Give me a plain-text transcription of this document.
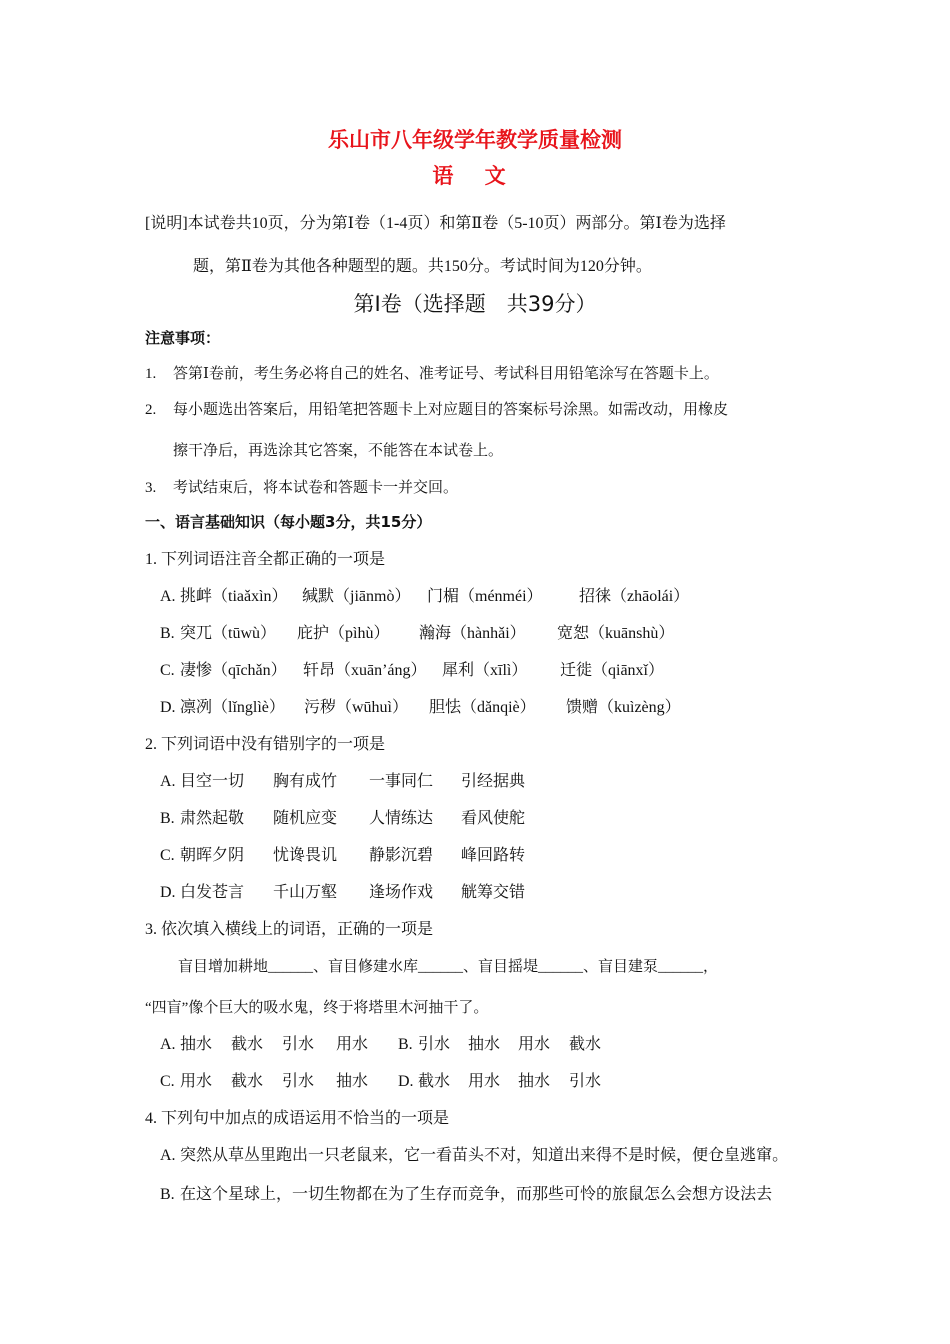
乐山市八年级学年教学质量检测
语 文
[说明]本试卷共10页，分为第Ⅰ卷（1-4页）和第Ⅱ卷（5-10页）两部分。第Ⅰ卷为选择
题，第Ⅱ卷为其他各种题型的题。共150分。考试时间为120分钟。
第Ⅰ卷（选择题　共39分）
注意事项：
1. 答第Ⅰ卷前，考生务必将自己的姓名、准考证号、考试科目用铅笔涂写在答题卡上。
2. 每小题选出答案后，用铅笔把答题卡上对应题目的答案标号涂黑。如需改动，用橡皮
擦干净后，再选涂其它答案，不能答在本试卷上。
3. 考试结束后，将本试卷和答题卡一并交回。
一、语言基础知识（每小题3分，共15分）
1. 下列词语注音全都正确的一项是
A. 挑衅（tiaǎxìn） 缄默（jiānmò） 门楣（ménméi） 招徕（zhāolái）
B. 突兀（tūwù） 庇护（pìhù） 瀚海（hànhǎi） 宽恕（kuānshù）
C. 凄惨（qīchǎn） 轩昂（xuān’áng） 犀利（xīlì） 迁徙（qiānxǐ）
D. 凛冽（lǐnglìè） 污秽（wūhuì） 胆怯（dǎnqiè） 馈赠（kuìzèng）
2. 下列词语中没有错别字的一项是
A. 目空一切 胸有成竹 一事同仁 引经据典
B. 肃然起敬 随机应变 人情练达 看风使舵
C. 朝晖夕阴 忧谗畏讥 静影沉碧 峰回路转
D. 白发苍言 千山万壑 逢场作戏 觥筹交错
3. 依次填入横线上的词语，正确的一项是
盲目增加耕地______、盲目修建水库______、盲目摇堤______、盲目建泵______，
“四盲”像个巨大的吸水鬼，终于将塔里木河抽干了。
A. 抽水 截水 引水 用水 B. 引水 抽水 用水 截水
C. 用水 截水 引水 抽水 D. 截水 用水 抽水 引水
4. 下列句中加点的成语运用不恰当的一项是
A. 突然从草丛里跑出一只老鼠来，它一看苗头不对，知道出来得不是时候，便仓皇逃窜。
B. 在这个星球上，一切生物都在为了生存而竞争，而那些可怜的旅鼠怎么会想方设法去
